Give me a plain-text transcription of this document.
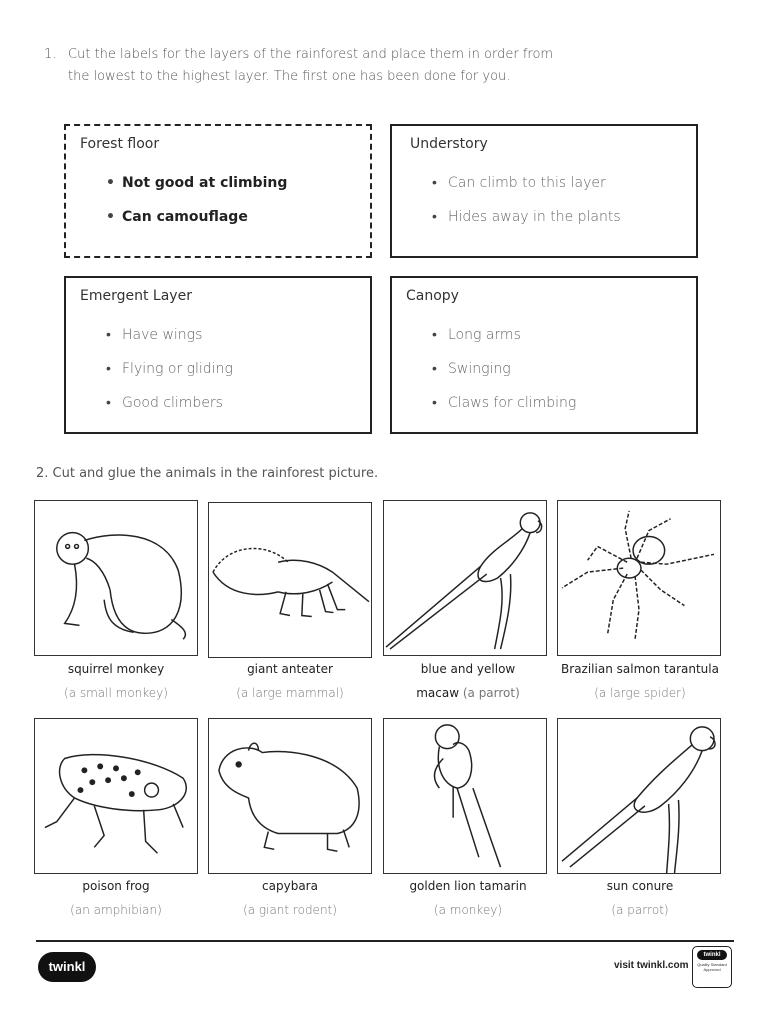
1. Cut the labels for the layers of the rainforest and place them in order from
the lowest to the highest layer. The first one has been done for you.
Forest floor
• Not good at climbing
• Can camouflage
Understory
• Can climb to this layer
• Hides away in the plants
Emergent Layer
• Have wings
• Flying or gliding
• Good climbers
Canopy
• Long arms
• Swinging
• Claws for climbing
2. Cut and glue the animals in the rainforest picture.
squirrel monkey
(a small monkey)
giant anteater
(a large mammal)
blue and yellow
macaw (a parrot)
Brazilian salmon tarantula
(a large spider)
poison frog
(an amphibian)
capybara
(a giant rodent)
golden lion tamarin
(a monkey)
sun conure
(a parrot)
twinkl	visit twinkl.com
twinkl
Quality Standard Approved
